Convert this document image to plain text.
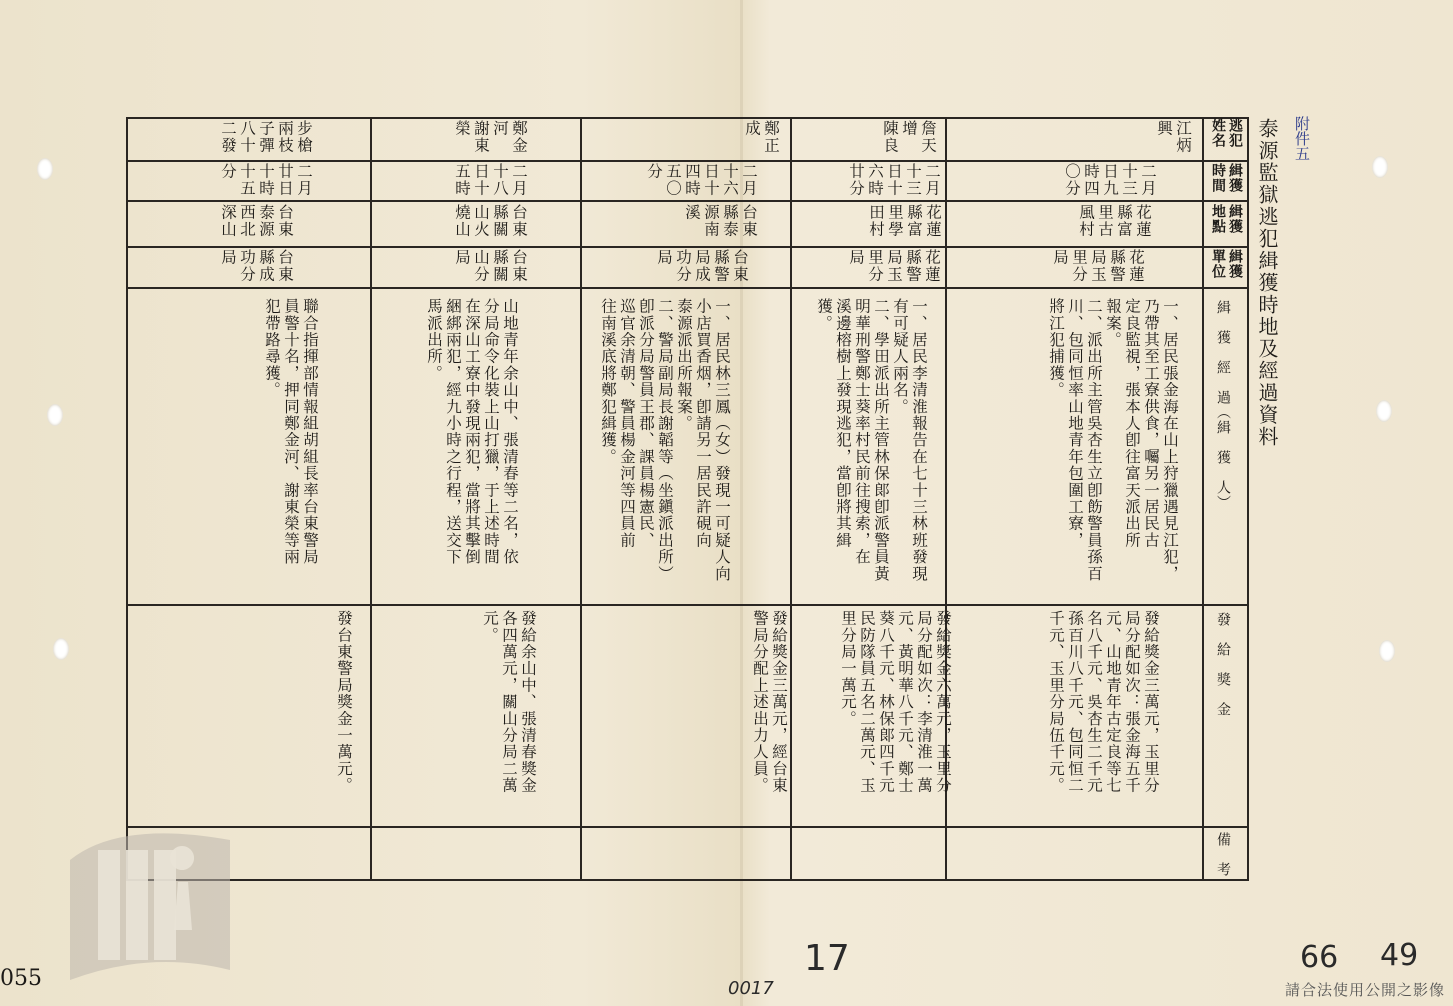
泰源監獄逃犯緝獲時地及經過資料 附件五
逃犯
姓名
緝獲
時間
緝獲
地點
緝獲
單位
緝　獲　經　過（緝　獲　人）
發　給　獎　金
備　考
江炳
興
二月
十三
日九
時四
〇分
花蓮
縣富
里古
風村
花蓮
縣警
局玉
里分
局
一、居民張金海在山上狩獵遇見江犯，
乃帶其至工寮供食，囑另一居民古
定良監視，張本人卽往富天派出所
報案。
二、派出所主管吳杏生立卽飭警員孫百
川、包同恒率山地青年包圍工寮，
將江犯捕獲。
發給獎金三萬元，玉里分
局分配如次：張金海五千
元、山地青年古定良等七
名八千元、吳杏生二千元
孫百川八千元、包同恒二
千元、玉里分局伍千元。
詹天
增
陳良
二月
十三
日十
六時
廿分
花蓮
縣富
里學
田村
花蓮
縣警
局玉
里分
局
一、居民李清淮報告在七十三林班發現
有可疑人兩名。
二、學田派出所主管林保郞卽派警員黃
明華刑警鄭士葵率村民前往搜索，在
溪邊榕樹上發現逃犯，當卽將其緝
獲。
發給獎金六萬元，玉里分
局分配如次：李清淮一萬
元、黃明華八千元、鄭士
葵八千元、林保郞四千元
民防隊員五名二萬元、玉
里分局一萬元。
鄭正
成
二月
十六
日十
四時
五〇
分
台東
縣泰
源南
溪
台東
縣警
局成
功分
局
一、居民林三鳳（女）發現一可疑人向
小店買香烟，卽請另一居民許硯向
泰源派出所報案。
二、警局副局長謝韜等（坐鎭派出所）
卽派分局警員王郡、課員楊憲民、
巡官余清朝、警員楊金河等四員前
往南溪底將鄭犯緝獲。
發給獎金三萬元，經台東
警局分配上述出力人員。
鄭金
河
謝東
榮
二月
十八
日十
五時
台東
縣關
山火
燒山
台東
縣關
山分
局
山地青年余山中、張清春等二名，依
分局命令化裝上山打獵，于上述時間
在深山工寮中發現兩犯，當將其擊倒
綑綁兩犯，經九小時之行程，送交下
馬派出所。
發給余山中、張清春獎金
各四萬元，關山分局二萬
元。
步槍
兩枝
子彈
八十
二發
二月
廿日
十時
十五
分
台東
泰源
西北
深山
台東
縣成
功分
局
聯合指揮部情報組胡組長率台東警局
員警十名，押同鄭金河、謝東榮等兩
犯帶路尋獲。
發台東警局獎金一萬元。
055	17
0017
66 49
請合法使用公開之影像
